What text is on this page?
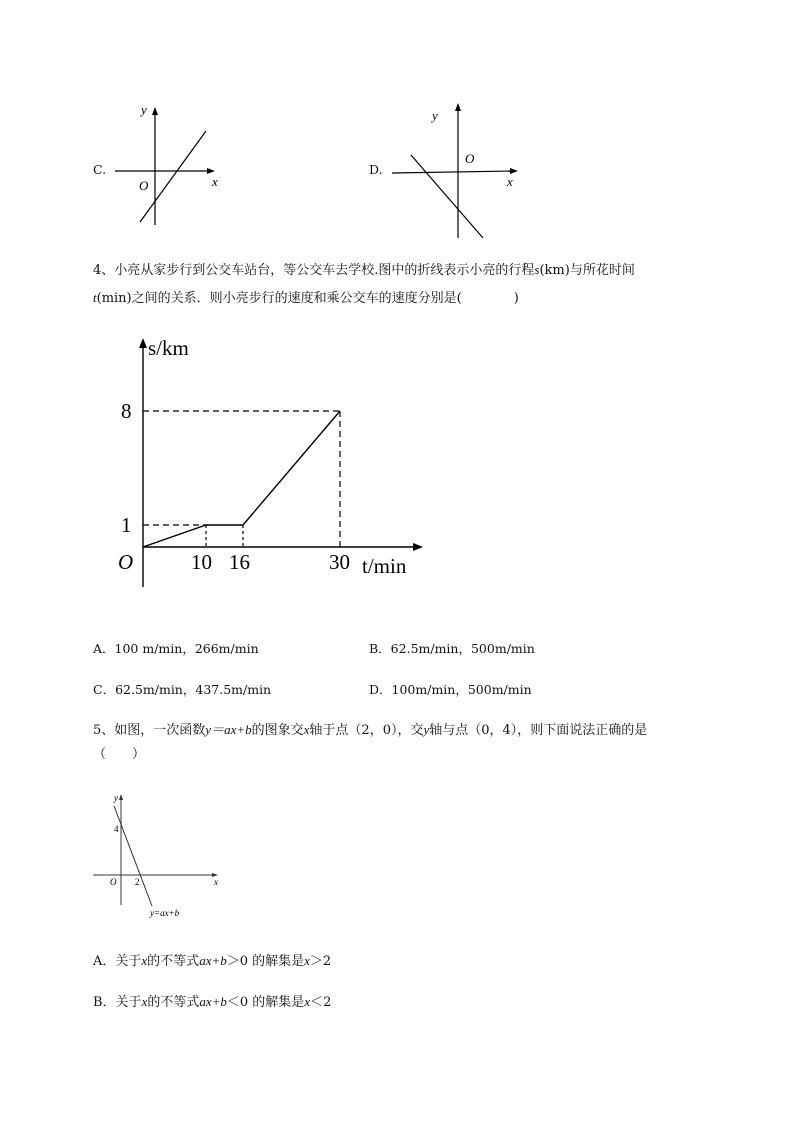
C.
y
x
O
D.
y
x
O
4、小亮从家步行到公交车站台，等公交车去学校.图中的折线表示小亮的行程s(km)与所花时间
t(min)之间的关系．则小亮步行的速度和乘公交车的速度分别是(　　　　)
s/km
t/min
O
8
1
10 16	30
A．100 m/min，266m/min	B．62.5m/min，500m/min
C．62.5m/min，437.5m/min	D．100m/min，500m/min
5、如图，一次函数y＝ax+b的图象交x轴于点（2，0），交y轴与点（0，4），则下面说法正确的是
（　　）
y
x
O 2
4
y=ax+b
A．关于x的不等式ax+b＞0 的解集是x＞2
B．关于x的不等式ax+b＜0 的解集是x＜2
